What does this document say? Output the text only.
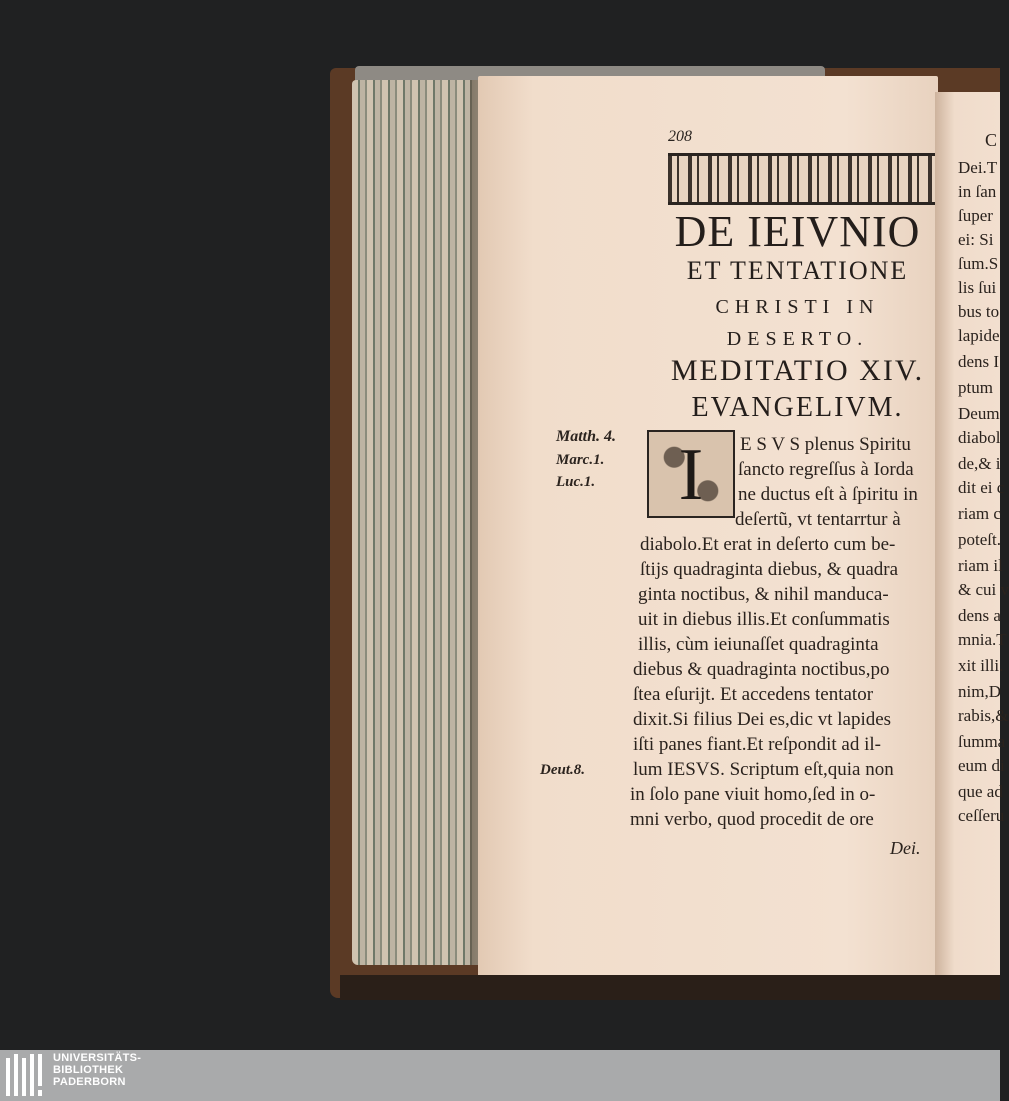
208
DE IEIVNIO
ET TENTATIONE
CHRISTI IN
DESERTO.
MEDITATIO XIV.
EVANGELIVM.
Matth. 4.
Marc.1.
Luc.1.
Deut.8.
I	E S V S plenus Spiritu
ſancto regreſſus à Iorda
ne ductus eſt à ſpiritu in
deſertũ, vt tentarrtur à
diabolo.Et erat in deſerto cum be-
ſtijs quadraginta diebus, & quadra
ginta noctibus, & nihil manduca-
uit in diebus illis.Et conſummatis
illis, cùm ieiunaſſet quadraginta
diebus & quadraginta noctibus,po
ſtea eſurijt. Et accedens tentator
dixit.Si filius Dei es,dic vt lapides
iſti panes fiant.Et reſpondit ad il-
lum IESVS. Scriptum eſt,quia non
in ſolo pane viuit homo,ſed in o-
mni verbo, quod procedit de ore
Dei.
C
Dei.T
in ſan
ſuper
ei: Si
ſum.S
lis ſui
bus to
lapide
dens I
ptum
Deum
diabol
de,& i
dit ei c
riam c
poteſt.
riam il
& cui v
dens a
mnia.T
xit illi.
nim,D
rabis,&
ſumma
eum di
que ad
ceſſeru
UNIVERSITÄTS-
BIBLIOTHEK
PADERBORN
